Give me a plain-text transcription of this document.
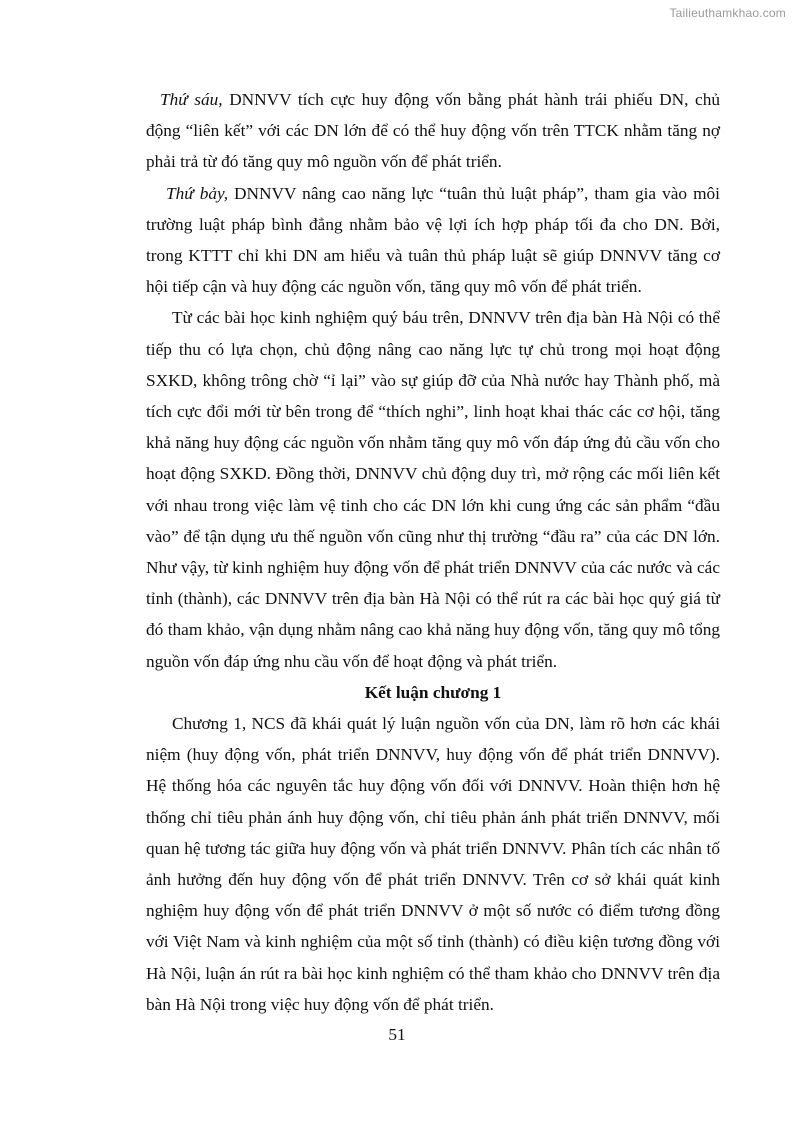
Tailieuthamkhao.com

Thứ sáu, DNNVV tích cực huy động vốn bằng phát hành trái phiếu DN, chủ động “liên kết” với các DN lớn để có thể huy động vốn trên TTCK nhằm tăng nợ phải trả từ đó tăng quy mô nguồn vốn để phát triển.

Thứ bảy, DNNVV nâng cao năng lực “tuân thủ luật pháp”, tham gia vào môi trường luật pháp bình đẳng nhằm bảo vệ lợi ích hợp pháp tối đa cho DN. Bởi, trong KTTT chỉ khi DN am hiểu và tuân thủ pháp luật sẽ giúp DNNVV tăng cơ hội tiếp cận và huy động các nguồn vốn, tăng quy mô vốn để phát triển.

Từ các bài học kinh nghiệm quý báu trên, DNNVV trên địa bàn Hà Nội có thể tiếp thu có lựa chọn, chủ động nâng cao năng lực tự chủ trong mọi hoạt động SXKD, không trông chờ “ỉ lại” vào sự giúp đỡ của Nhà nước hay Thành phố, mà tích cực đổi mới từ bên trong để “thích nghi”, linh hoạt khai thác các cơ hội, tăng khả năng huy động các nguồn vốn nhằm tăng quy mô vốn đáp ứng đủ cầu vốn cho hoạt động SXKD. Đồng thời, DNNVV chủ động duy trì, mở rộng các mối liên kết với nhau trong việc làm vệ tinh cho các DN lớn khi cung ứng các sản phẩm “đầu vào” để tận dụng ưu thế nguồn vốn cũng như thị trường “đầu ra” của các DN lớn. Như vậy, từ kinh nghiệm huy động vốn để phát triển DNNVV của các nước và các tỉnh (thành), các DNNVV trên địa bàn Hà Nội có thể rút ra các bài học quý giá từ đó tham khảo, vận dụng nhằm nâng cao khả năng huy động vốn, tăng quy mô tổng nguồn vốn đáp ứng nhu cầu vốn để hoạt động và phát triển.

Kết luận chương 1

Chương 1, NCS đã khái quát lý luận nguồn vốn của DN, làm rõ hơn các khái niệm (huy động vốn, phát triển DNNVV, huy động vốn để phát triển DNNVV). Hệ thống hóa các nguyên tắc huy động vốn đối với DNNVV. Hoàn thiện hơn hệ thống chỉ tiêu phản ánh huy động vốn, chỉ tiêu phản ánh phát triển DNNVV, mối quan hệ tương tác giữa huy động vốn và phát triển DNNVV. Phân tích các nhân tố ảnh hưởng đến huy động vốn để phát triển DNNVV. Trên cơ sở khái quát kinh nghiệm huy động vốn để phát triển DNNVV ở một số nước có điểm tương đồng với Việt Nam và kinh nghiệm của một số tỉnh (thành) có điều kiện tương đồng với Hà Nội, luận án rút ra bài học kinh nghiệm có thể tham khảo cho DNNVV trên địa bàn Hà Nội trong việc huy động vốn để phát triển.

51
